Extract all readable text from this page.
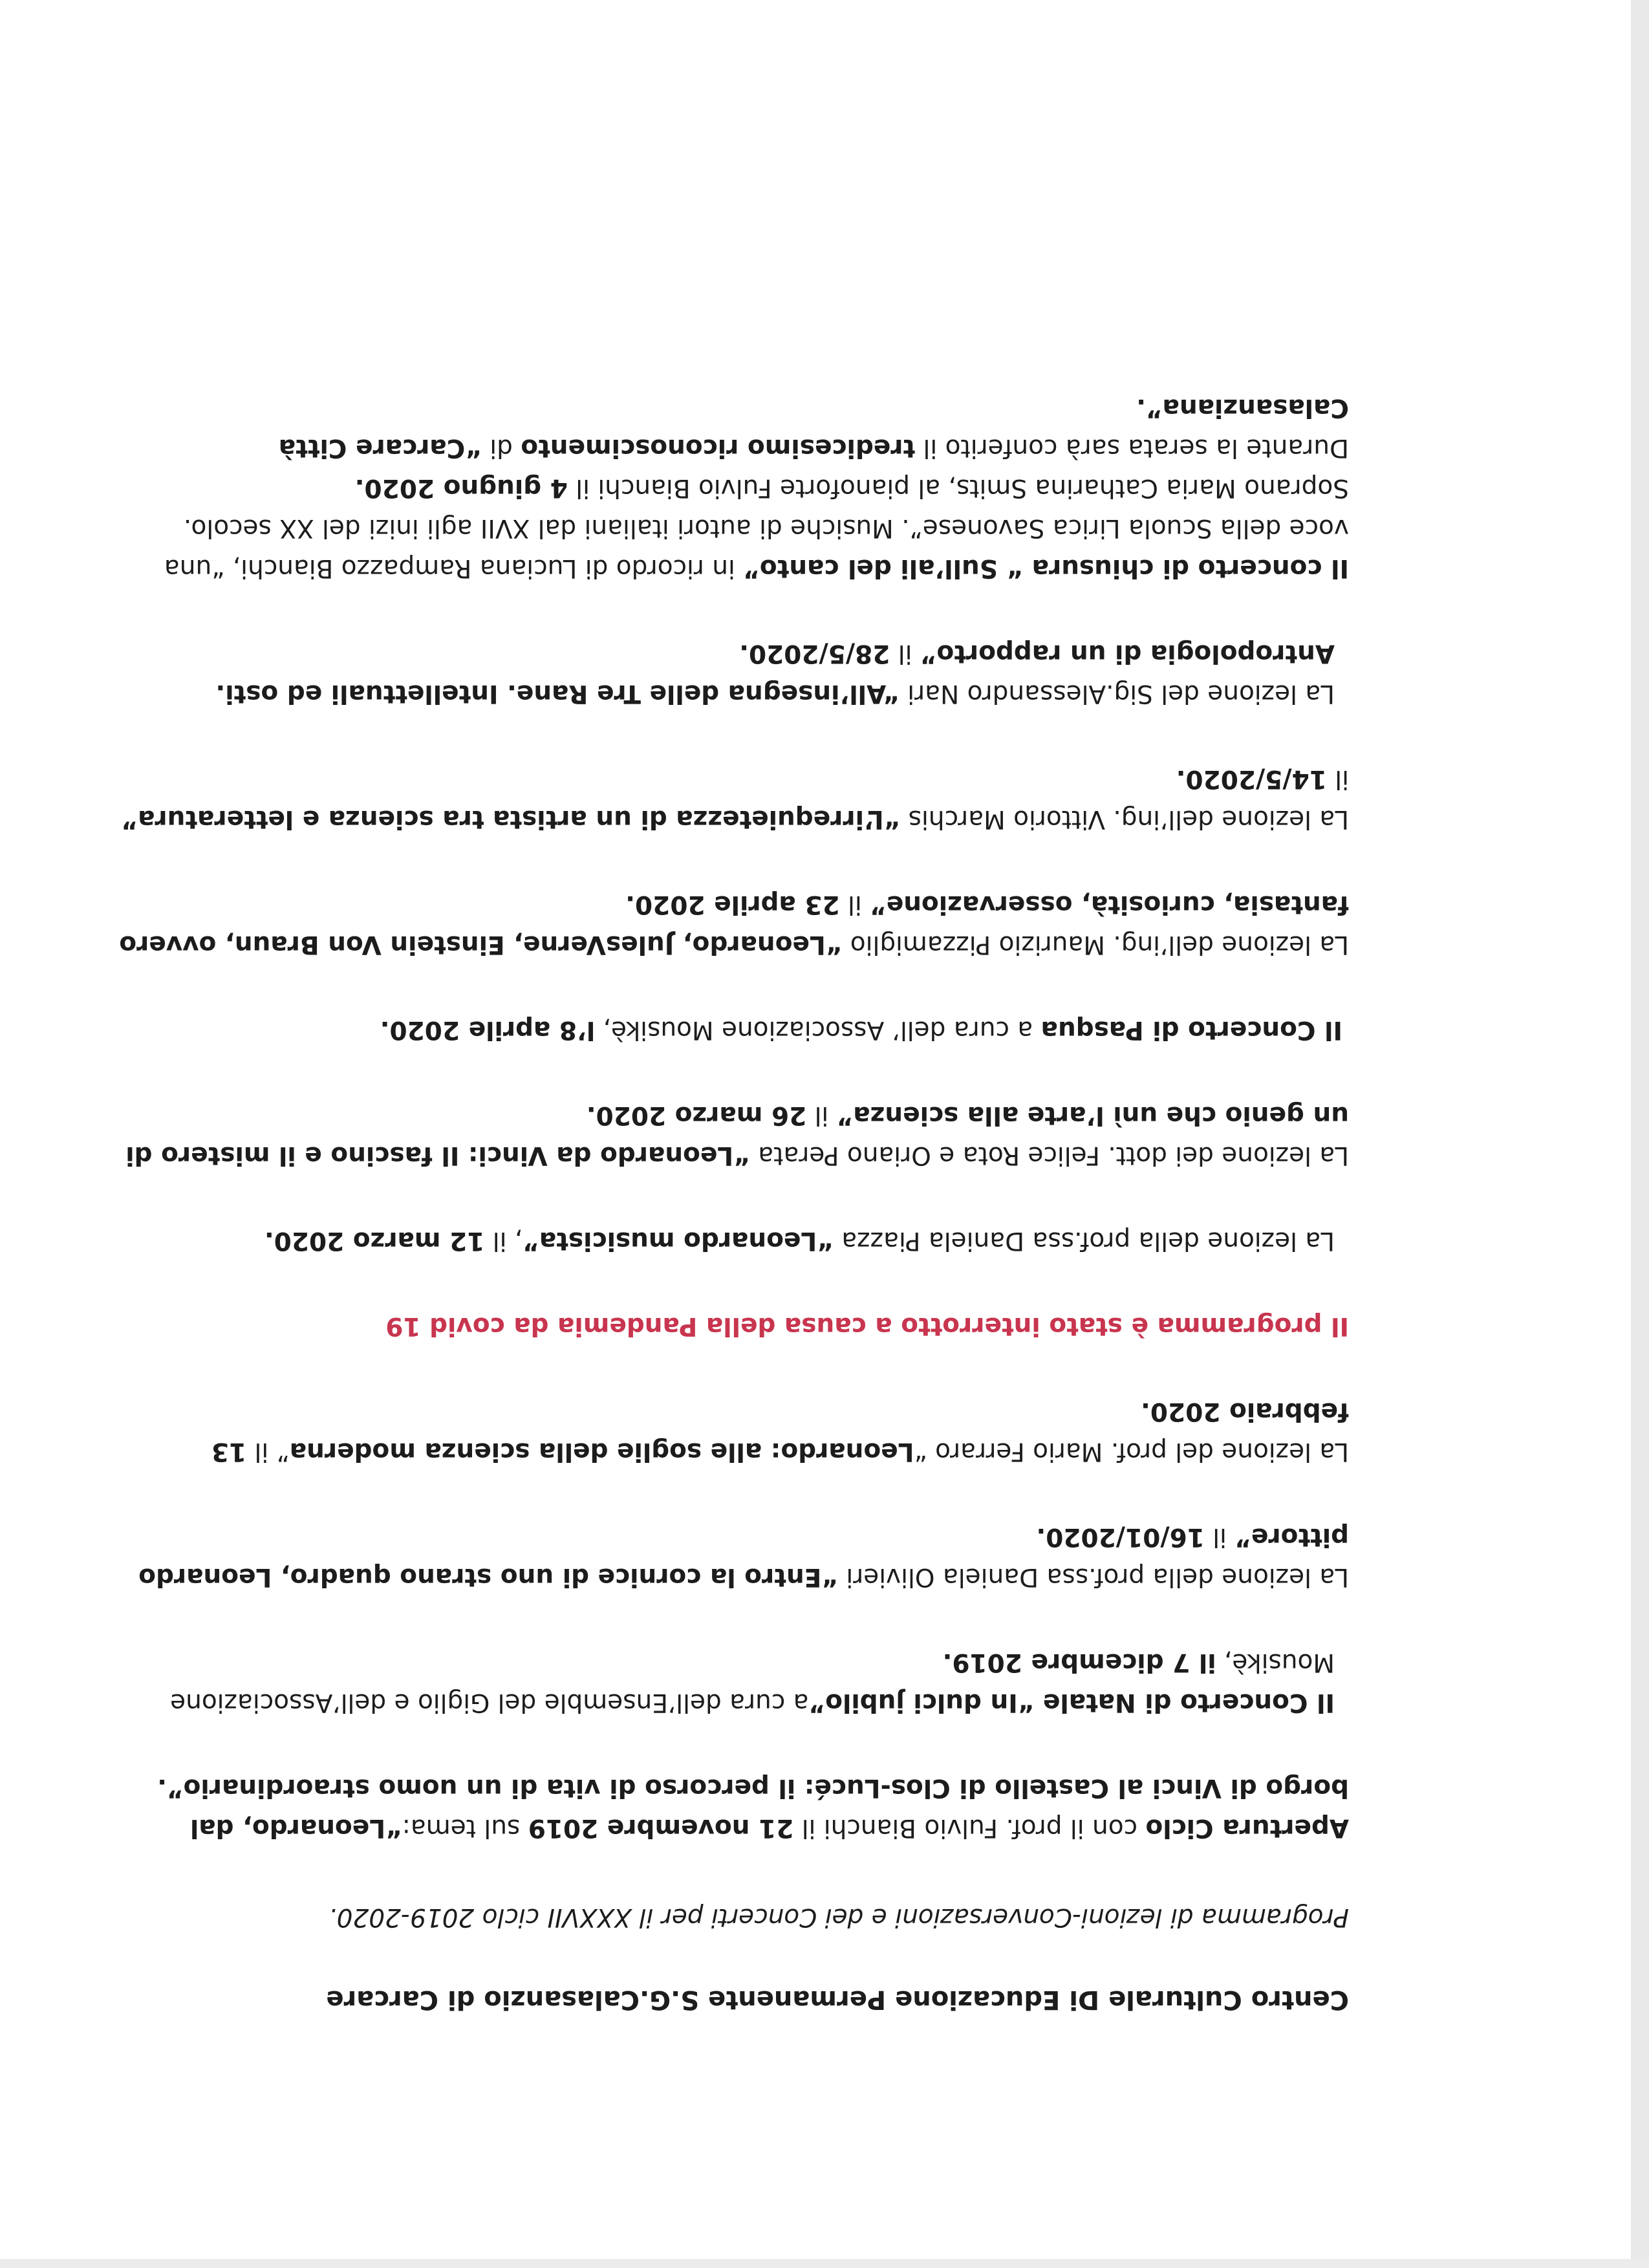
Centro Culturale Di Educazione Permanente S.G.Calasanzio di Carcare

Programma di lezioni-Conversazioni e dei Concerti per il XXXVII ciclo 2019-2020.

Apertura Ciclo con il prof. Fulvio Bianchi il 21 novembre 2019 sul tema:“Leonardo, dal borgo di Vinci al Castello di Clos-Lucé: il percorso di vita di un uomo straordinario”.

Il Concerto di Natale “In dulci jubilo”a cura dell’Ensemble del Giglio e dell’Associazione Mousikè, il 7 dicembre 2019.

La lezione della prof.ssa Daniela Olivieri “Entro la cornice di uno strano quadro, Leonardo pittore” il 16/01/2020.

La lezione del prof. Mario Ferraro “Leonardo: alle soglie della scienza moderna” il 13 febbraio 2020.

Il programma è stato interrotto a causa della Pandemia da covid 19

La lezione della prof.ssa Daniela Piazza “Leonardo musicista”, il 12 marzo 2020.

La lezione dei dott. Felice Rota e Oriano Perata “Leonardo da Vinci: Il fascino e il mistero di un genio che unì l’arte alla scienza” il 26 marzo 2020.

Il Concerto di Pasqua a cura dell’ Associazione Mousikè, l’8 aprile 2020.

La lezione dell’ing. Maurizio Pizzamiglio “Leonardo, JulesVerne, Einstein Von Braun, ovvero fantasia, curiosità, osservazione” il 23 aprile 2020.

La lezione dell’ing. Vittorio Marchis “L’irrequietezza di un artista tra scienza e letteratura” il 14/5/2020.

La lezione del Sig.Alessandro Nari “All’insegna delle Tre Rane. Intellettuali ed osti. Antropologia di un rapporto” il 28/5/2020.

Il concerto di chiusura “ Sull’ali del canto” in ricordo di Luciana Rampazzo Bianchi, “una voce della Scuola Lirica Savonese”. Musiche di autori italiani dal XVII agli inizi del XX secolo. Soprano Maria Catharina Smits, al pianoforte Fulvio Bianchi il 4 giugno 2020.
Durante la serata sarà conferito il tredicesimo riconoscimento di “Carcare Città Calasanziana”.
